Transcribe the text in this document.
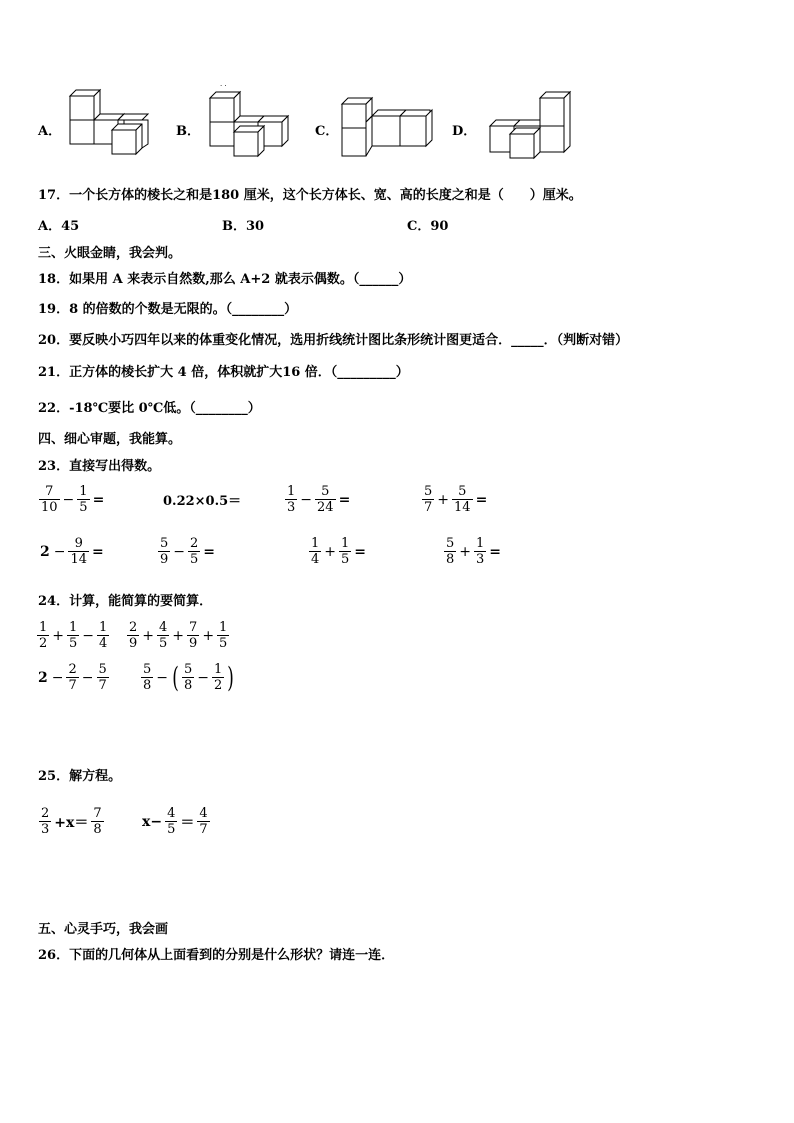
A．	B．
. .
C．	D．
17．一个长方体的棱长之和是180 厘米，这个长方体长、宽、高的长度之和是（　　）厘米。
A．45	B．30	C．90
三、火眼金睛，我会判。
18．如果用 A 来表示自然数,那么 A+2 就表示偶数。（______）
19．8 的倍数的个数是无限的。（________）
20．要反映小巧四年以来的体重变化情况，选用折线统计图比条形统计图更适合．_____．（判断对错）
21．正方体的棱长扩大 4 倍，体积就扩大16 倍．（_________）
22．-18℃要比 0℃低。（________）
四、细心审题，我能算。
23．直接写出得数。
$\frac{7}{10} - \frac{1}{5}$ =	0.22×0.5＝	$\frac{1}{3} - \frac{5}{24}$ =	$\frac{5}{7} + \frac{5}{14}$ =
$2 - \frac{9}{14}$ =	$\frac{5}{9} - \frac{2}{5}$ =	$\frac{1}{4} + \frac{1}{5}$ =	$\frac{5}{8} + \frac{1}{3}$ =
24．计算，能简算的要简算．
$\frac{1}{2} + \frac{1}{5} - \frac{1}{4} \frac{2}{9} + \frac{4}{5} + \frac{7}{9} + \frac{1}{5}$
$2 - \frac{2}{7} - \frac{5}{7} \frac{5}{8}$ − ( $\frac{5}{8} - \frac{1}{2}$ )
25．解方程。
$\frac{2}{3} +x= \frac{7}{8}$	$x- \frac{4}{5} = \frac{4}{7}$
五、心灵手巧，我会画
26．下面的几何体从上面看到的分别是什么形状？请连一连．
